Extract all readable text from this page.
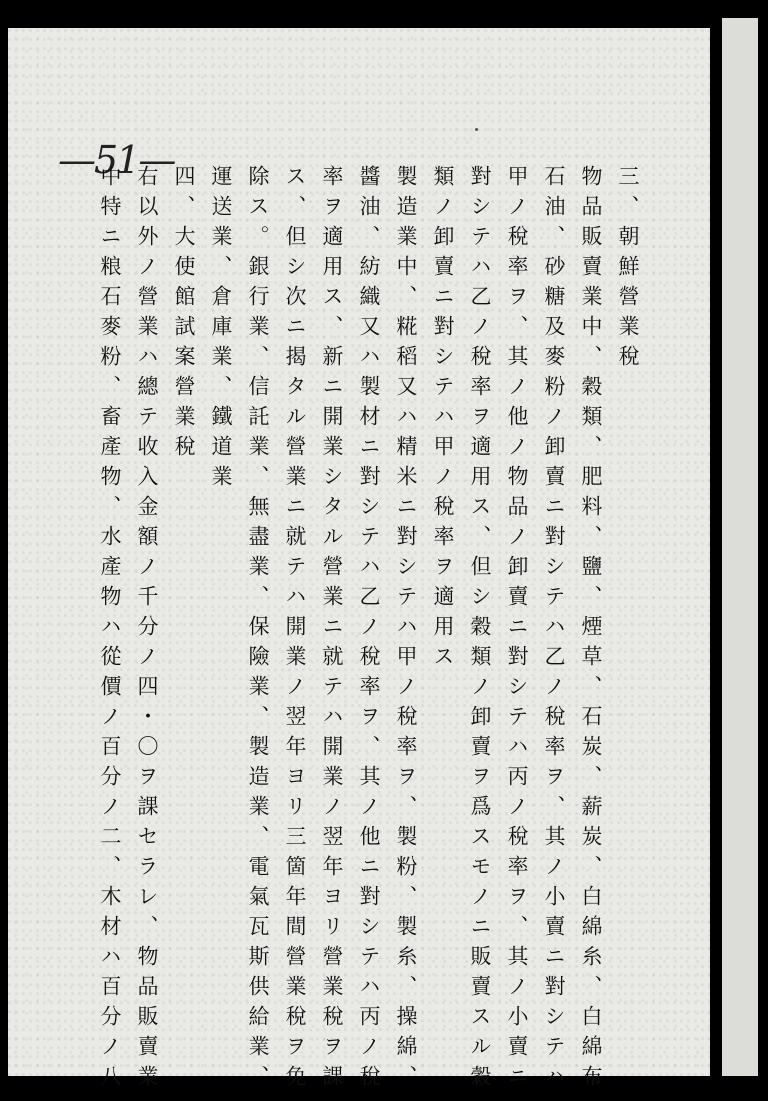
—51—
三、朝鮮營業稅
物品販賣業中、穀類、肥料、鹽、煙草、石炭、薪炭、白綿糸、白綿布
石油、砂糖及麥粉ノ卸賣ニ對シテハ乙ノ稅率ヲ、其ノ小賣ニ對シテハ
甲ノ稅率ヲ、其ノ他ノ物品ノ卸賣ニ對シテハ丙ノ稅率ヲ、其ノ小賣ニ
對シテハ乙ノ稅率ヲ適用ス、但シ穀類ノ卸賣ヲ爲スモノニ販賣スル穀
類ノ卸賣ニ對シテハ甲ノ稅率ヲ適用ス
製造業中、糀稻又ハ精米ニ對シテハ甲ノ稅率ヲ、製粉、製糸、操綿、
醬油、紡織又ハ製材ニ對シテハ乙ノ稅率ヲ、其ノ他ニ對シテハ丙ノ稅
率ヲ適用ス、新ニ開業シタル營業ニ就テハ開業ノ翌年ヨリ營業稅ヲ課
ス、但シ次ニ揭タル營業ニ就テハ開業ノ翌年ヨリ三箇年間營業稅ヲ免
除ス。銀行業、信託業、無盡業、保險業、製造業、電氣瓦斯供給業、
運送業、倉庫業、鐵道業
四、大使館試案營業稅
右以外ノ營業ハ總テ收入金額ノ千分ノ四・〇ヲ課セラレ、物品販賣業
中特ニ粮石麥粉、畜產物、水產物ハ從價ノ百分ノ二、木材ハ百分ノ八
